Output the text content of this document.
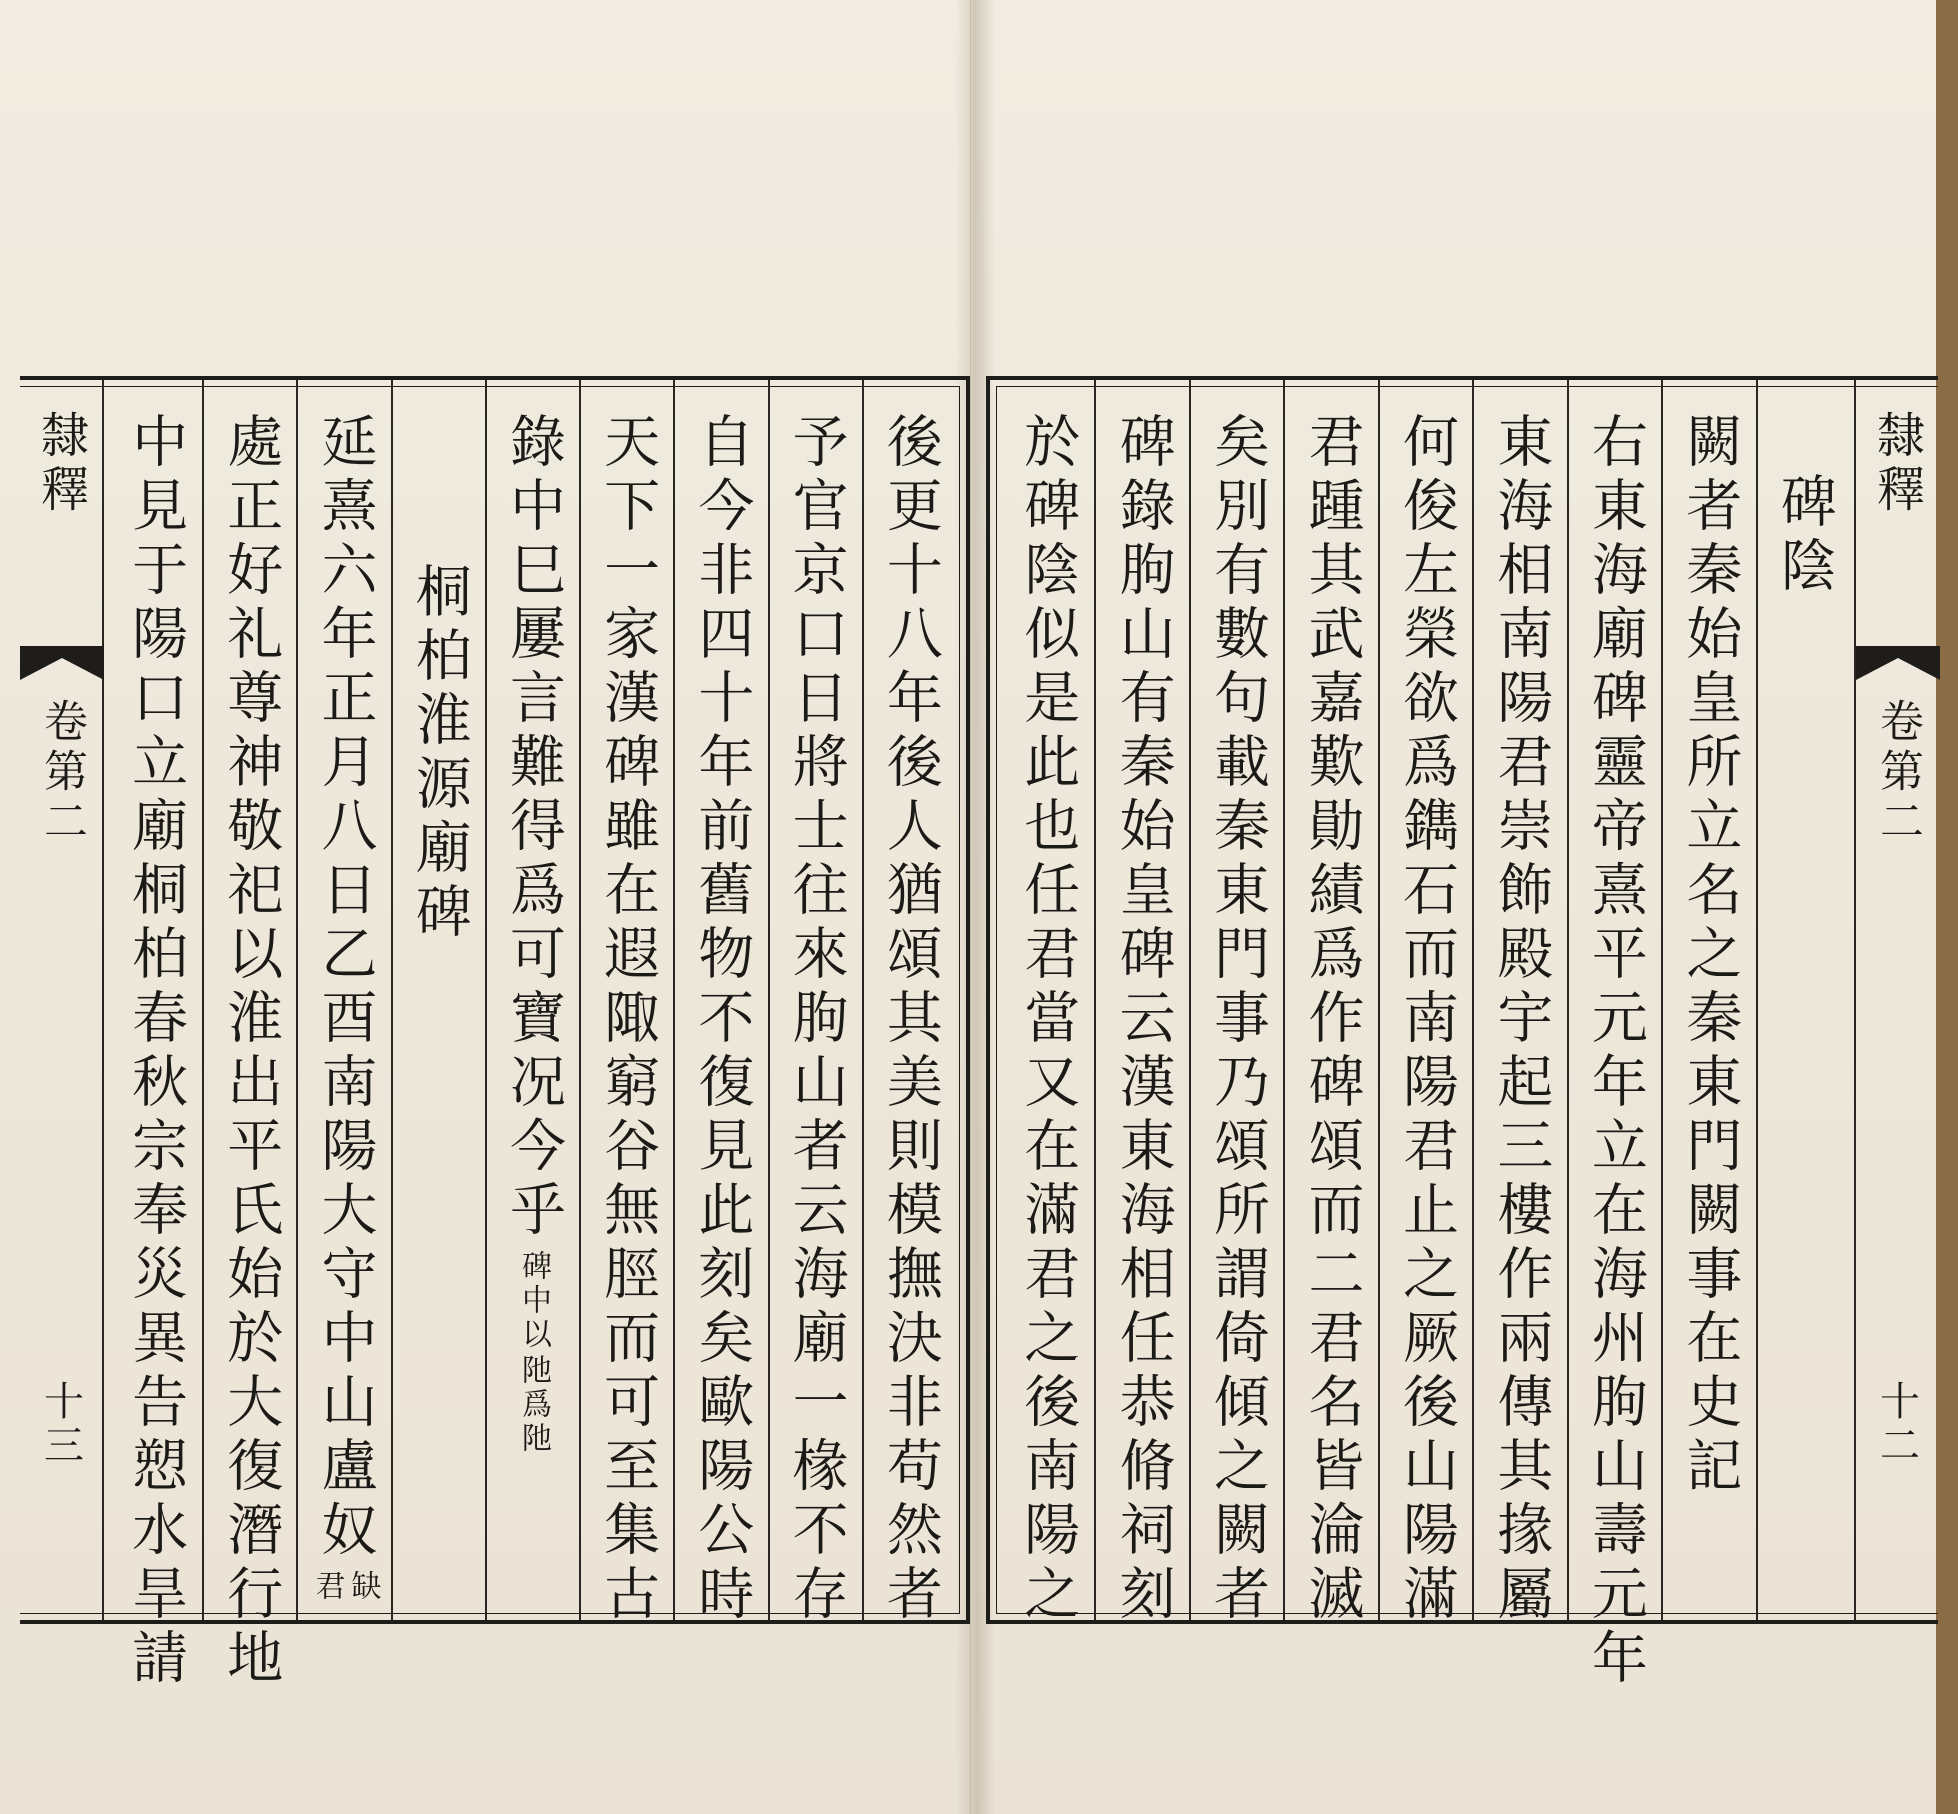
隸釋
卷第二
十三	後更十八年後人猶頌其美則模撫決非苟然者
予官京口日將士往來朐山者云海廟一椽不存
自今非四十年前舊物不復見此刻矣歐陽公時
天下一家漢碑雖在遐陬窮谷無脛而可至集古
錄中巳屢言難得爲可寶况今乎
碑中以
阤爲阤
桐柏淮源廟碑
延熹六年正月八日乙酉南陽大守中山盧奴
缺君
處正好礼尊神敬祀以淮出平氏始於大復潛行地
中見于陽口立廟桐柏春秋宗奉災異告愬水旱請	碑陰
闕者秦始皇所立名之秦東門闕事在史記
右東海廟碑靈帝熹平元年立在海州朐山壽元年
東海相南陽君崇飾殿宇起三樓作兩傳其掾屬
何俊左榮欲爲鐫石而南陽君止之厥後山陽滿
君踵其武嘉歎勛績爲作碑頌而二君名皆淪滅
矣別有數句載秦東門事乃頌所謂倚傾之闕者
碑錄朐山有秦始皇碑云漢東海相任恭脩祠刻
於碑陰似是此也任君當又在滿君之後南陽之	隸釋
卷第二
十二
